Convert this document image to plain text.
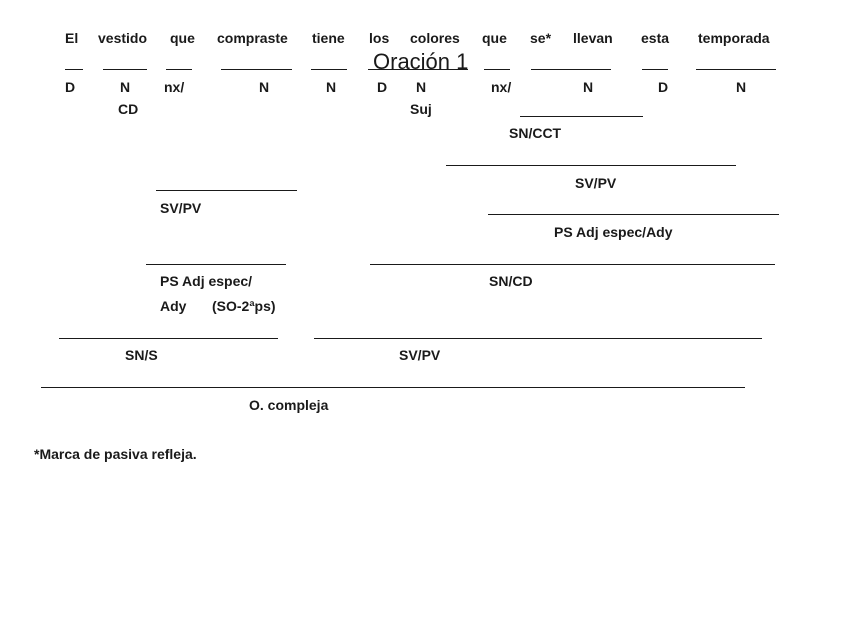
El vestido que compraste tiene los colores que se* llevan esta temporada
Oración 1
D	N nx/	N	N	D N	nx/	N	D	N
CD	Suj
SN/CCT
SV/PV
SV/PV
PS Adj espec/Ady
PS Adj espec/	SN/CD
Ady (SO-2ªps)
SN/S	SV/PV
O. compleja
*Marca de pasiva refleja.
